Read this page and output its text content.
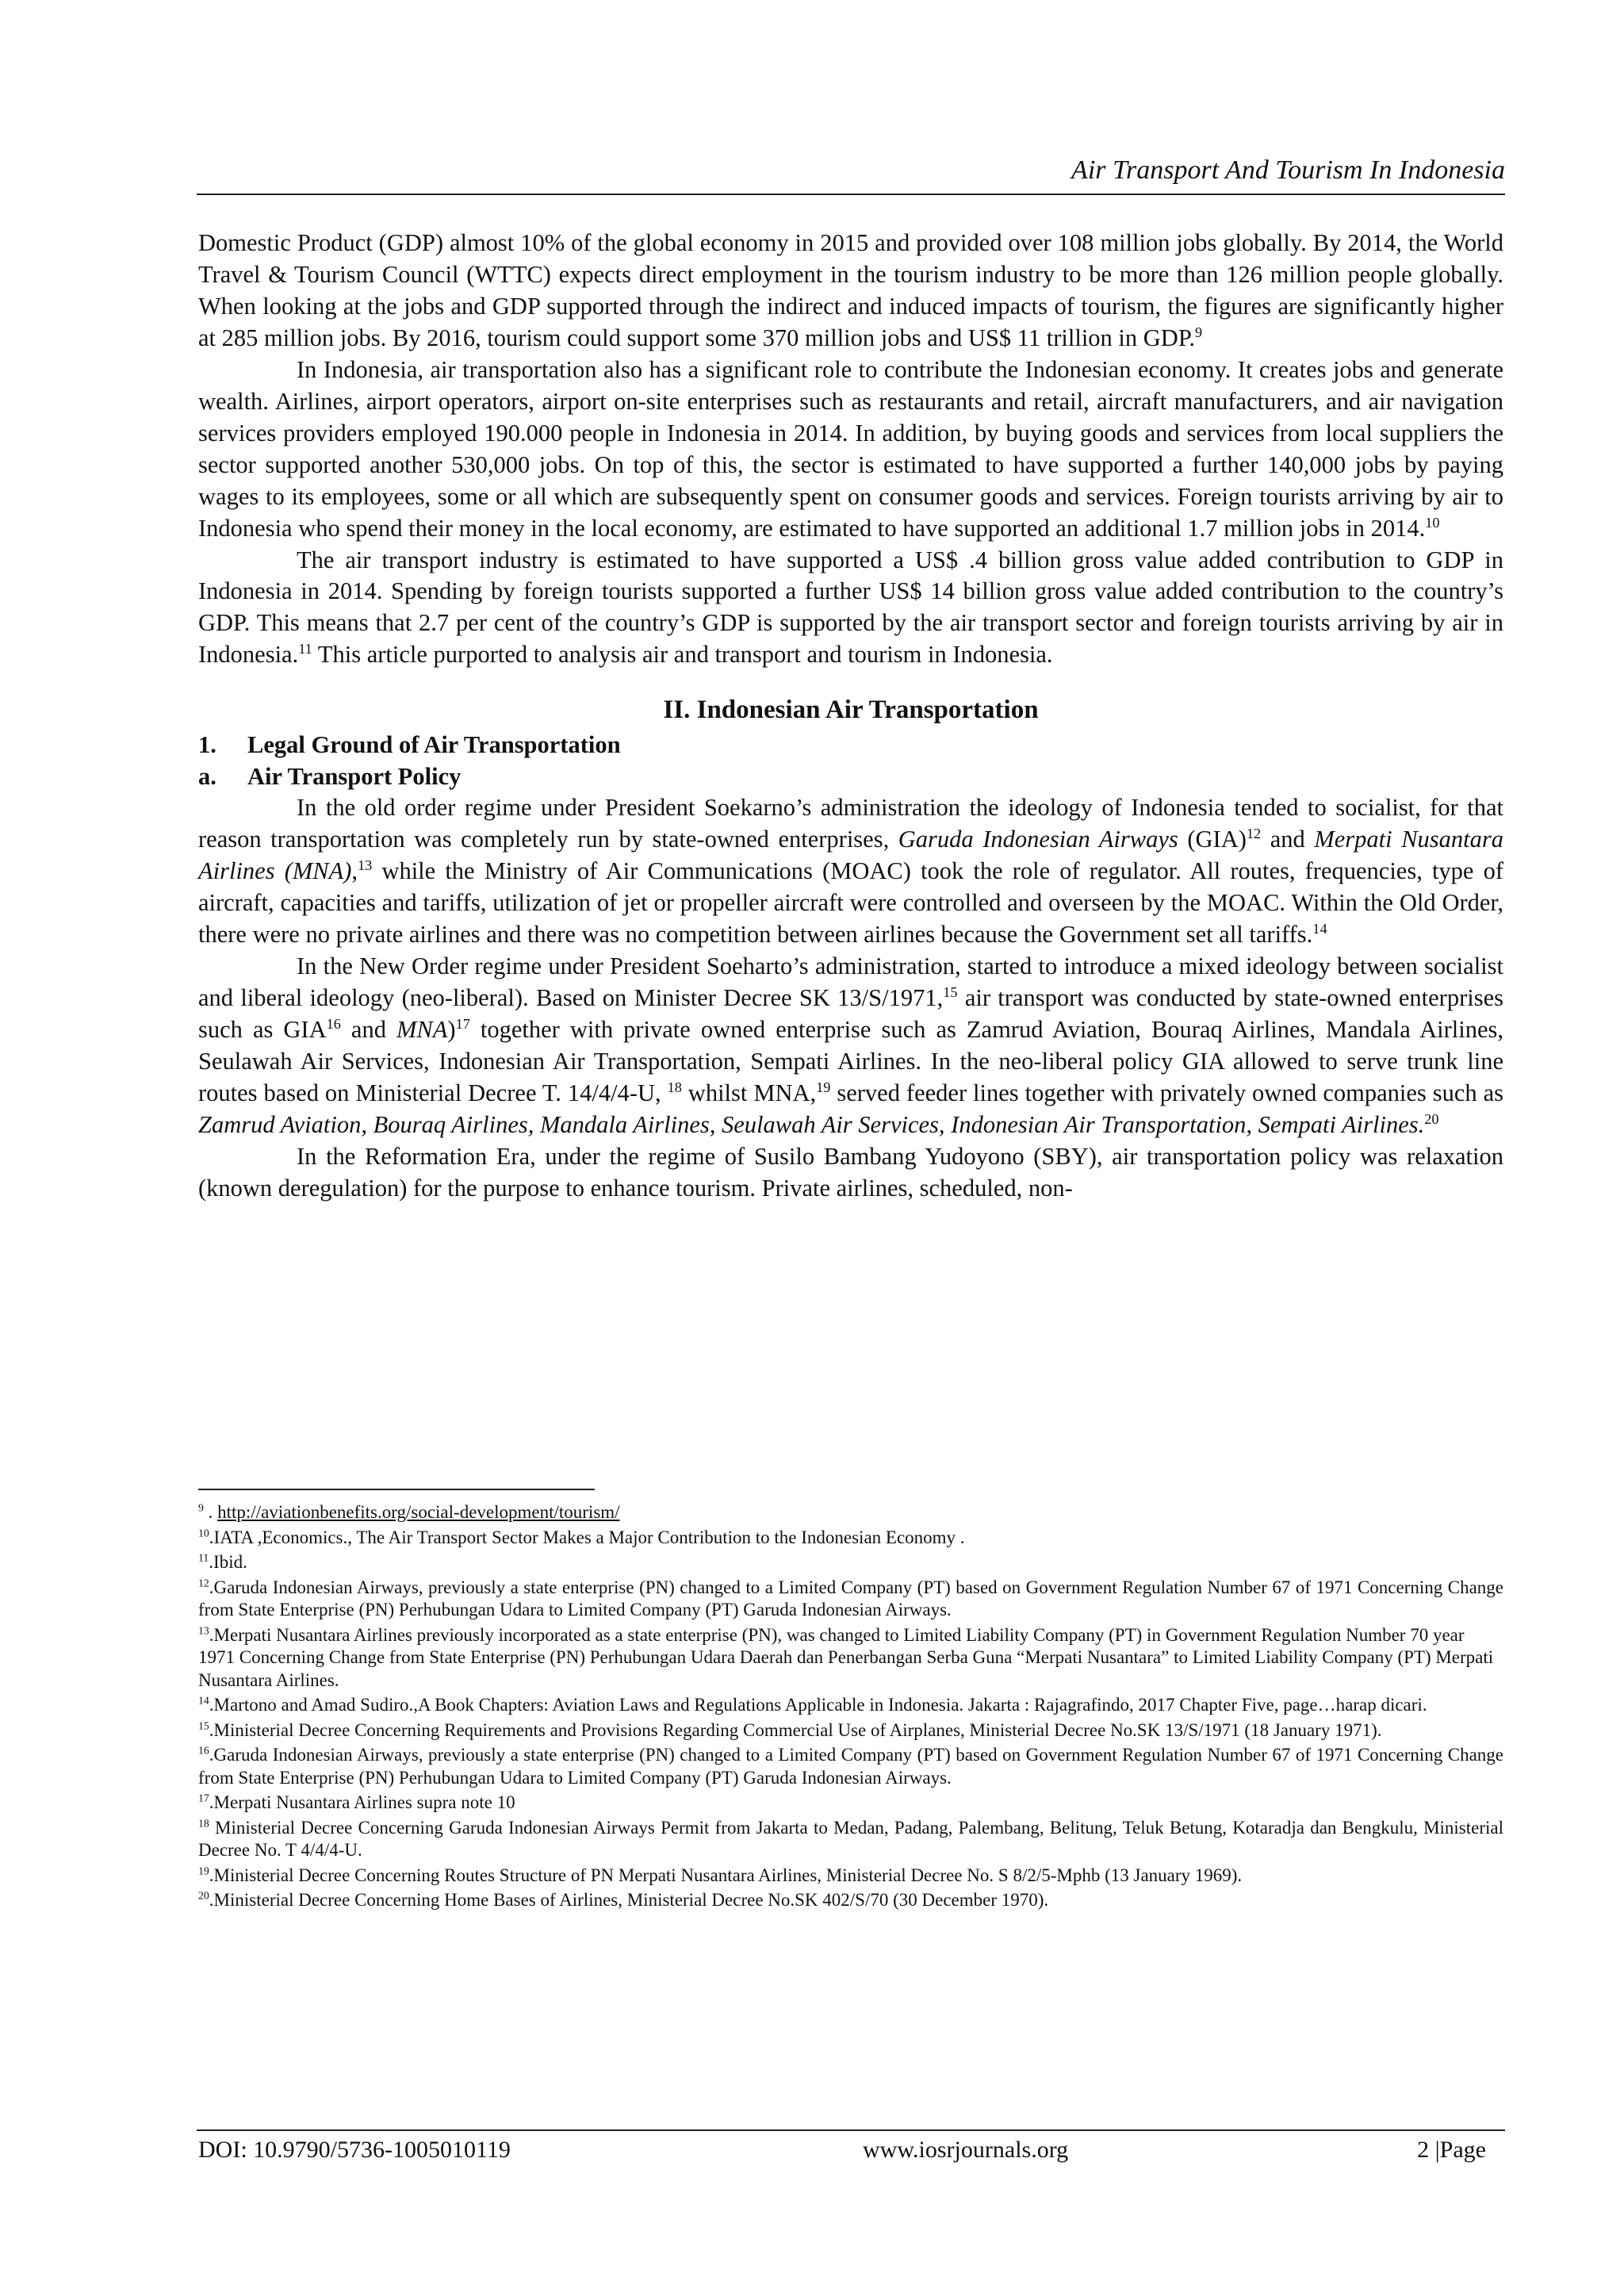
Air Transport And Tourism In Indonesia

Domestic Product (GDP) almost 10% of the global economy in 2015 and provided over 108 million jobs globally. By 2014, the World Travel & Tourism Council (WTTC) expects direct employment in the tourism industry to be more than 126 million people globally. When looking at the jobs and GDP supported through the indirect and induced impacts of tourism, the figures are significantly higher at 285 million jobs. By 2016, tourism could support some 370 million jobs and US$ 11 trillion in GDP.$^9$

In Indonesia, air transportation also has a significant role to contribute the Indonesian economy. It creates jobs and generate wealth. Airlines, airport operators, airport on-site enterprises such as restaurants and retail, aircraft manufacturers, and air navigation services providers employed 190.000 people in Indonesia in 2014. In addition, by buying goods and services from local suppliers the sector supported another 530,000 jobs. On top of this, the sector is estimated to have supported a further 140,000 jobs by paying wages to its employees, some or all which are subsequently spent on consumer goods and services. Foreign tourists arriving by air to Indonesia who spend their money in the local economy, are estimated to have supported an additional 1.7 million jobs in 2014.10

The air transport industry is estimated to have supported a US$ .4 billion gross value added contribution to GDP in Indonesia in 2014. Spending by foreign tourists supported a further US$ 14 billion gross value added contribution to the country’s GDP. This means that 2.7 per cent of the country’s GDP is supported by the air transport sector and foreign tourists arriving by air in Indonesia.$^{11}$ This article purported to analysis air and transport and tourism in Indonesia.

II. Indonesian Air Transportation
1.	Legal Ground of Air Transportation
a.	Air Transport Policy

In the old order regime under President Soekarno’s administration the ideology of Indonesia tended to socialist, for that reason transportation was completely run by state-owned enterprises, Garuda Indonesian Airways (GIA)$^{12}$ and Merpati Nusantara Airlines (MNA),$^{13}$ while the Ministry of Air Communications (MOAC) took the role of regulator. All routes, frequencies, type of aircraft, capacities and tariffs, utilization of jet or propeller aircraft were controlled and overseen by the MOAC. Within the Old Order, there were no private airlines and there was no competition between airlines because the Government set all tariffs.$^{14}$

In the New Order regime under President Soeharto’s administration, started to introduce a mixed ideology between socialist and liberal ideology (neo-liberal). Based on Minister Decree SK 13/S/1971,15 air transport was conducted by state-owned enterprises such as GIA$^{16}$ and MNA)$^{17}$ together with private owned enterprise such as Zamrud Aviation, Bouraq Airlines, Mandala Airlines, Seulawah Air Services, Indonesian Air Transportation, Sempati Airlines. In the neo-liberal policy GIA allowed to serve trunk line routes based on Ministerial Decree T. 14/4/4-U, $^{18}$ whilst MNA,$^{19}$ served feeder lines together with privately owned companies such as Zamrud Aviation, Bouraq Airlines, Mandala Airlines, Seulawah Air Services, Indonesian Air Transportation, Sempati Airlines.$^{20}$

In the Reformation Era, under the regime of Susilo Bambang Yudoyono (SBY), air transportation policy was relaxation (known deregulation) for the purpose to enhance tourism. Private airlines, scheduled, non-

$^9$ . http://aviationbenefits.org/social-development/tourism/
$^{10}$.IATA ,Economics., The Air Transport Sector Makes a Major Contribution to the Indonesian Economy .
$^{11}$.Ibid.
$^{12}$.Garuda Indonesian Airways, previously a state enterprise (PN) changed to a Limited Company (PT) based on Government Regulation Number 67 of 1971 Concerning Change from State Enterprise (PN) Perhubungan Udara to Limited Company (PT) Garuda Indonesian Airways.
$^{13}$.Merpati Nusantara Airlines previously incorporated as a state enterprise (PN), was changed to Limited Liability Company (PT) in Government Regulation Number 70 year 1971 Concerning Change from State Enterprise (PN) Perhubungan Udara Daerah dan Penerbangan Serba Guna “Merpati Nusantara” to Limited Liability Company (PT) Merpati Nusantara Airlines.
$^{14}$.Martono and Amad Sudiro.,A Book Chapters: Aviation Laws and Regulations Applicable in Indonesia. Jakarta : Rajagrafindo, 2017 Chapter Five, page…harap dicari.
$^{15}$.Ministerial Decree Concerning Requirements and Provisions Regarding Commercial Use of Airplanes, Ministerial Decree No.SK 13/S/1971 (18 January 1971).
$^{16}$.Garuda Indonesian Airways, previously a state enterprise (PN) changed to a Limited Company (PT) based on Government Regulation Number 67 of 1971 Concerning Change from State Enterprise (PN) Perhubungan Udara to Limited Company (PT) Garuda Indonesian Airways.
$^{17}$.Merpati Nusantara Airlines supra note 10
$^{18}$ Ministerial Decree Concerning Garuda Indonesian Airways Permit from Jakarta to Medan, Padang, Palembang, Belitung, Teluk Betung, Kotaradja dan Bengkulu, Ministerial Decree No. T 4/4/4-U.
$^{19}$.Ministerial Decree Concerning Routes Structure of PN Merpati Nusantara Airlines, Ministerial Decree No. S 8/2/5-Mphb (13 January 1969).
$^{20}$.Ministerial Decree Concerning Home Bases of Airlines, Ministerial Decree No.SK 402/S/70 (30 December 1970).
DOI: 10.9790/5736-1005010119	www.iosrjournals.org	2 |Page
